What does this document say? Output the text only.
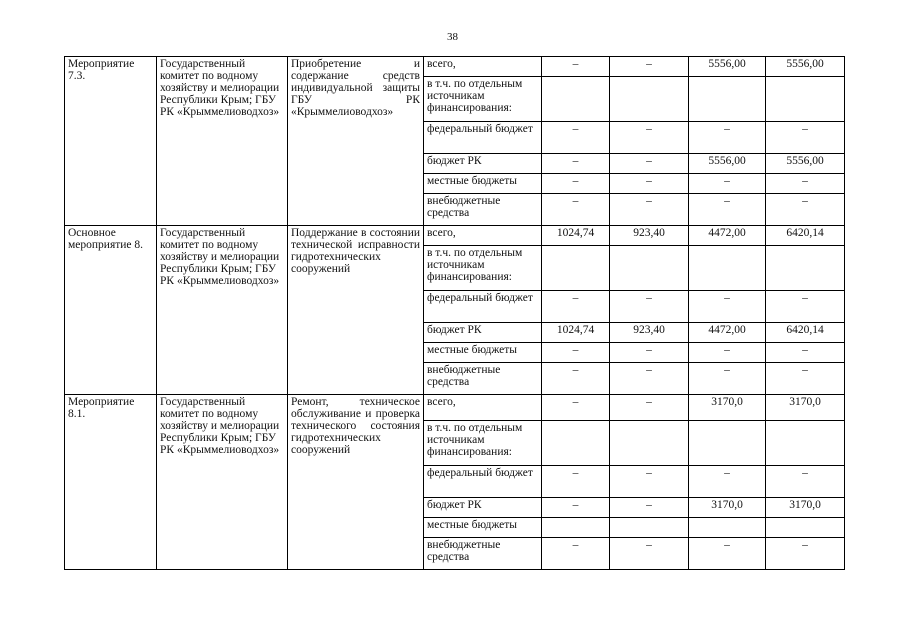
38
Мероприятие 7.3.	Государственный комитет по водному хозяйству и мелиорации Республики Крым; ГБУ РК «Крыммелиоводхоз»	Приобретение и содержание средств индивидуальной защиты ГБУ РК «Крыммелиоводхоз»	всего,	–	–	5556,00	5556,00
			в т.ч. по отдельным источникам финансирования:				
			федеральный бюджет	–	–	–	–
			бюджет РК	–	–	5556,00	5556,00
			местные бюджеты	–	–	–	–
			внебюджетные средства	–	–	–	–
Основное мероприятие 8.	Государственный комитет по водному хозяйству и мелиорации Республики Крым; ГБУ РК «Крыммелиоводхоз»	Поддержание в состоянии технической исправности гидротехнических сооружений	всего,	1024,74	923,40	4472,00	6420,14
			в т.ч. по отдельным источникам финансирования:				
			федеральный бюджет	–	–	–	–
			бюджет РК	1024,74	923,40	4472,00	6420,14
			местные бюджеты	–	–	–	–
			внебюджетные средства	–	–	–	–
Мероприятие 8.1.	Государственный комитет по водному хозяйству и мелиорации Республики Крым; ГБУ РК «Крыммелиоводхоз»	Ремонт, техническое обслуживание и проверка технического состояния гидротехнических сооружений	всего,	–	–	3170,0	3170,0
			в т.ч. по отдельным источникам финансирования:				
			федеральный бюджет	–	–	–	–
			бюджет РК	–	–	3170,0	3170,0
			местные бюджеты				
			внебюджетные средства	–	–	–	–
